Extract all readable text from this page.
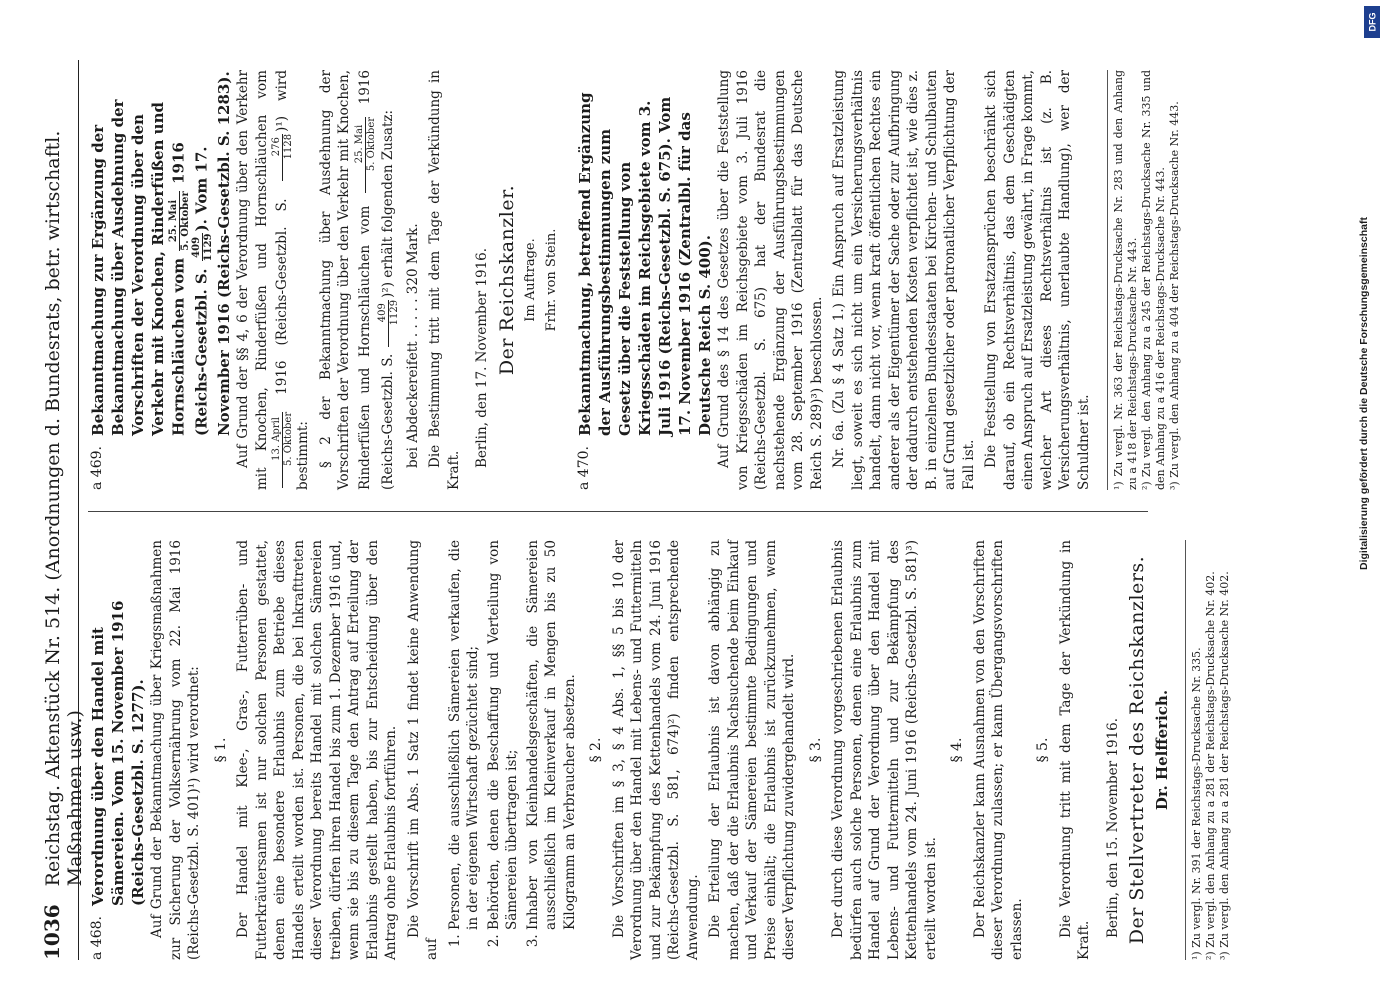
1036
Reichstag. Aktenstück Nr. 514. (Anordnungen d. Bundesrats, betr. wirtschaftl. Maßnahmen usw.)
a 468.
Verordnung über den Handel mit Sämereien. Vom 15. November 1916 (Reichs-Gesetzbl. S. 1277). Auf Grund der Bekanntmachung über Kriegsmaßnahmen zur Sicherung der Volksernährung vom 22. Mai 1916 (Reichs-Gesetzbl. S. 401)¹) wird verordnet: § 1. Der Handel mit Klee-, Gras-, Futterrüben- und Futterkräutersamen ist nur solchen Personen gestattet, denen eine besondere Erlaubnis zum Betriebe dieses Handels erteilt worden ist. Personen, die bei Inkrafttreten dieser Verordnung bereits Handel mit solchen Sämereien treiben, dürfen ihren Handel bis zum 1. Dezember 1916 und, wenn sie bis zu diesem Tage den Antrag auf Erteilung der Erlaubnis gestellt haben, bis zur Entscheidung über den Antrag ohne Erlaubnis fortführen. Die Vorschrift im Abs. 1 Satz 1 findet keine Anwendung auf

1. Personen, die ausschließlich Sämereien verkaufen, die in der eigenen Wirtschaft gezüchtet sind; 2. Behörden, denen die Beschaffung und Verteilung von Sämereien übertragen ist; 3. Inhaber von Kleinhandelsgeschäften, die Sämereien ausschließlich im Kleinverkauf in Mengen bis zu 50 Kilogramm an Verbraucher absetzen. § 2. Die Vorschriften im § 3, § 4 Abs. 1, §§ 5 bis 10 der Verordnung über den Handel mit Lebens- und Futtermitteln und zur Bekämpfung des Kettenhandels vom 24. Juni 1916 (Reichs-Gesetzbl. S. 581, 674)²) finden entsprechende Anwendung. Die Erteilung der Erlaubnis ist davon abhängig zu machen, daß der die Erlaubnis Nachsuchende beim Einkauf und Verkauf der Sämereien bestimmte Bedingungen und Preise einhält; die Erlaubnis ist zurückzunehmen, wenn dieser Verpflichtung zuwidergehandelt wird. § 3. Der durch diese Verordnung vorgeschriebenen Erlaubnis bedürfen auch solche Personen, denen eine Erlaubnis zum Handel auf Grund der Verordnung über den Handel mit Lebens- und Futtermitteln und zur Bekämpfung des Kettenhandels vom 24. Juni 1916 (Reichs-Gesetzbl. S. 581)³) erteilt worden ist.

§ 4. Der Reichskanzler kann Ausnahmen von den Vorschriften dieser Verordnung zulassen; er kann Übergangsvorschriften erlassen.

§ 5. Die Verordnung tritt mit dem Tage der Verkündung in Kraft.

Berlin, den 15. November 1916. Der Stellvertreter des Reichskanzlers. Dr. Helfferich. ¹) Zu vergl. Nr. 391 der Reichstags-Drucksache Nr. 335. ²) Zu vergl. den Anhang zu a 281 der Reichstags-Drucksache Nr. 402. ³) Zu vergl. den Anhang zu a 281 der Reichstags-Drucksache Nr. 402.
a 469.
Bekanntmachung zur Ergänzung der Bekanntmachung über Ausdehnung der Vorschriften der Verordnung über den Verkehr mit Knochen, Rinderfüßen und Hornschläuchen vom
25. Mai 5. Oktober
1916 (Reichs-Gesetzbl. S.
409 1129
). Vom 17. November 1916 (Reichs-Gesetzbl. S. 1283). Auf Grund der §§ 4, 6 der Verordnung über den Verkehr mit Knochen, Rinderfüßen und Hornschläuchen vom 13. April 5. Oktober
1916 (Reichs-Gesetzbl. S.
276 1128
)¹) wird bestimmt: § 2 der Bekanntmachung über Ausdehnung der Vorschriften der Verordnung über den Verkehr mit Knochen, Rinderfüßen und Hornschläuchen vom
25. Mai 5. Oktober
1916 (Reichs-Gesetzbl. S.
409 1129
)²) erhält folgenden Zusatz:

bei Abdeckereifett . . . . . 320 Mark. Die Bestimmung tritt mit dem Tage der Verkündung in Kraft.

Berlin, den 17. November 1916. Der Reichskanzler. Im Auftrage. Frhr. von Stein.
a 470.
Bekanntmachung, betreffend Ergänzung der Ausführungsbestimmungen zum Gesetz über die Feststellung von Kriegsschäden im Reichsgebiete vom 3. Juli 1916 (Reichs-Gesetzbl. S. 675). Vom 17. November 1916 (Zentralbl. für das Deutsche Reich S. 400). Auf Grund des § 14 des Gesetzes über die Feststellung von Kriegsschäden im Reichsgebiete vom 3. Juli 1916 (Reichs-Gesetzbl. S. 675) hat der Bundesrat die nachstehende Ergänzung der Ausführungsbestimmungen vom 28. September 1916 (Zentralblatt für das Deutsche Reich S. 289)³) beschlossen. Nr. 6a. (Zu § 4 Satz 1.) Ein Anspruch auf Ersatzleistung liegt, soweit es sich nicht um ein Versicherungsverhältnis handelt, dann nicht vor, wenn kraft öffentlichen Rechtes ein anderer als der Eigentümer der Sache oder zur Aufbringung der dadurch entstehenden Kosten verpflichtet ist, wie dies z. B. in einzelnen Bundesstaaten bei Kirchen- und Schulbauten auf Grund gesetzlicher oder patronatlicher Verpflichtung der Fall ist. Die Feststellung von Ersatzansprüchen beschränkt sich darauf, ob ein Rechtsverhältnis, das dem Geschädigten einen Anspruch auf Ersatzleistung gewährt, in Frage kommt, welcher Art dieses Rechtsverhältnis ist (z. B. Versicherungsverhältnis, unerlaubte Handlung), wer der Schuldner ist. ¹) Zu vergl. Nr. 363 der Reichstags-Drucksache Nr. 283 und den Anhang zu a 418 der Reichstags-Drucksache Nr. 443. ²) Zu vergl. den Anhang zu a 245 der Reichstags-Drucksache Nr. 335 und den Anhang zu a 416 der Reichstags-Drucksache Nr. 443. ³) Zu vergl. den Anhang zu a 404 der Reichstags-Drucksache Nr. 443.
DFG
Digitalisierung gefördert durch die Deutsche Forschungsgemeinschaft
